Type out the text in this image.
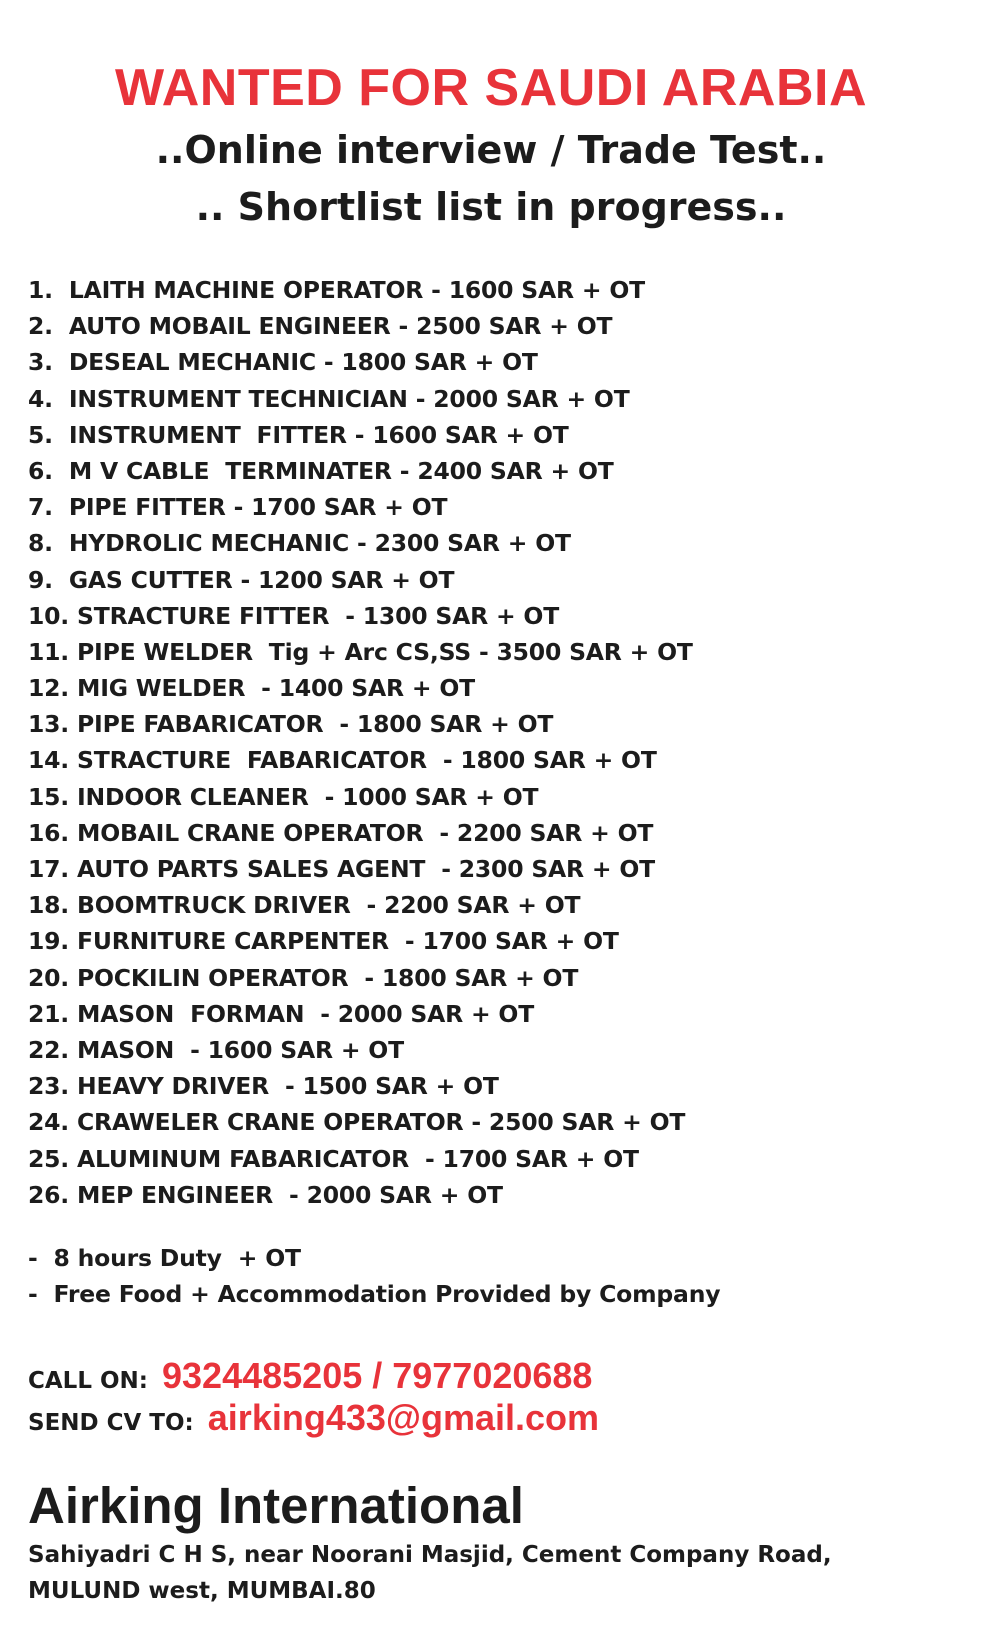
WANTED FOR SAUDI ARABIA
..Online interview / Trade Test..
.. Shortlist list in progress..
1.  LAITH MACHINE OPERATOR - 1600 SAR + OT
2.  AUTO MOBAIL ENGINEER - 2500 SAR + OT
3.  DESEAL MECHANIC - 1800 SAR + OT
4.  INSTRUMENT TECHNICIAN - 2000 SAR + OT
5.  INSTRUMENT  FITTER - 1600 SAR + OT
6.  M V CABLE  TERMINATER - 2400 SAR + OT
7.  PIPE FITTER - 1700 SAR + OT
8.  HYDROLIC MECHANIC - 2300 SAR + OT
9.  GAS CUTTER - 1200 SAR + OT
10. STRACTURE FITTER  - 1300 SAR + OT
11. PIPE WELDER  Tig + Arc CS,SS - 3500 SAR + OT
12. MIG WELDER  - 1400 SAR + OT
13. PIPE FABARICATOR  - 1800 SAR + OT
14. STRACTURE  FABARICATOR  - 1800 SAR + OT
15. INDOOR CLEANER  - 1000 SAR + OT
16. MOBAIL CRANE OPERATOR  - 2200 SAR + OT
17. AUTO PARTS SALES AGENT  - 2300 SAR + OT
18. BOOMTRUCK DRIVER  - 2200 SAR + OT
19. FURNITURE CARPENTER  - 1700 SAR + OT
20. POCKILIN OPERATOR  - 1800 SAR + OT
21. MASON  FORMAN  - 2000 SAR + OT
22. MASON  - 1600 SAR + OT
23. HEAVY DRIVER  - 1500 SAR + OT
24. CRAWELER CRANE OPERATOR - 2500 SAR + OT
25. ALUMINUM FABARICATOR  - 1700 SAR + OT
26. MEP ENGINEER  - 2000 SAR + OT
-  8 hours Duty  + OT
-  Free Food + Accommodation Provided by Company
CALL ON: 9324485205 / 7977020688
SEND CV TO: airking433@gmail.com
Airking International

Sahiyadri C H S, near Noorani Masjid, Cement Company Road, MULUND west, MUMBAI.80
